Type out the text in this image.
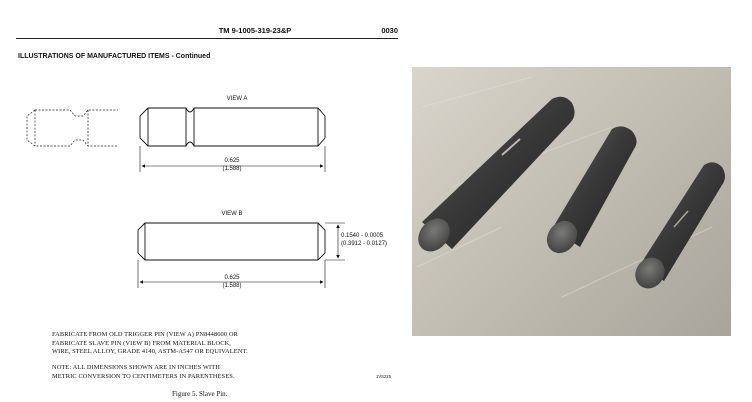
TM 9-1005-319-23&P	0030
ILLUSTRATIONS OF MANUFACTURED ITEMS - Continued
VIEW A
0.625
(1.588)
VIEW B
0.1540 - 0.0005
(0.3912 - 0.0127)
0.625
(1.588)
FABRICATE FROM OLD TRIGGER PIN (VIEW A) PN8448600 OR
FABRICATE SLAVE PIN (VIEW B) FROM MATERIAL BLOCK,
WIRE, STEEL ALLOY, GRADE 4140, ASTM-A547 OR EQUIVALENT.
NOTE: ALL DIMENSIONS SHOWN ARE IN INCHES WITH
METRIC CONVERSION TO CENTIMETERS IN PARENTHESES.	1VS225
Figure 5. Slave Pin.
